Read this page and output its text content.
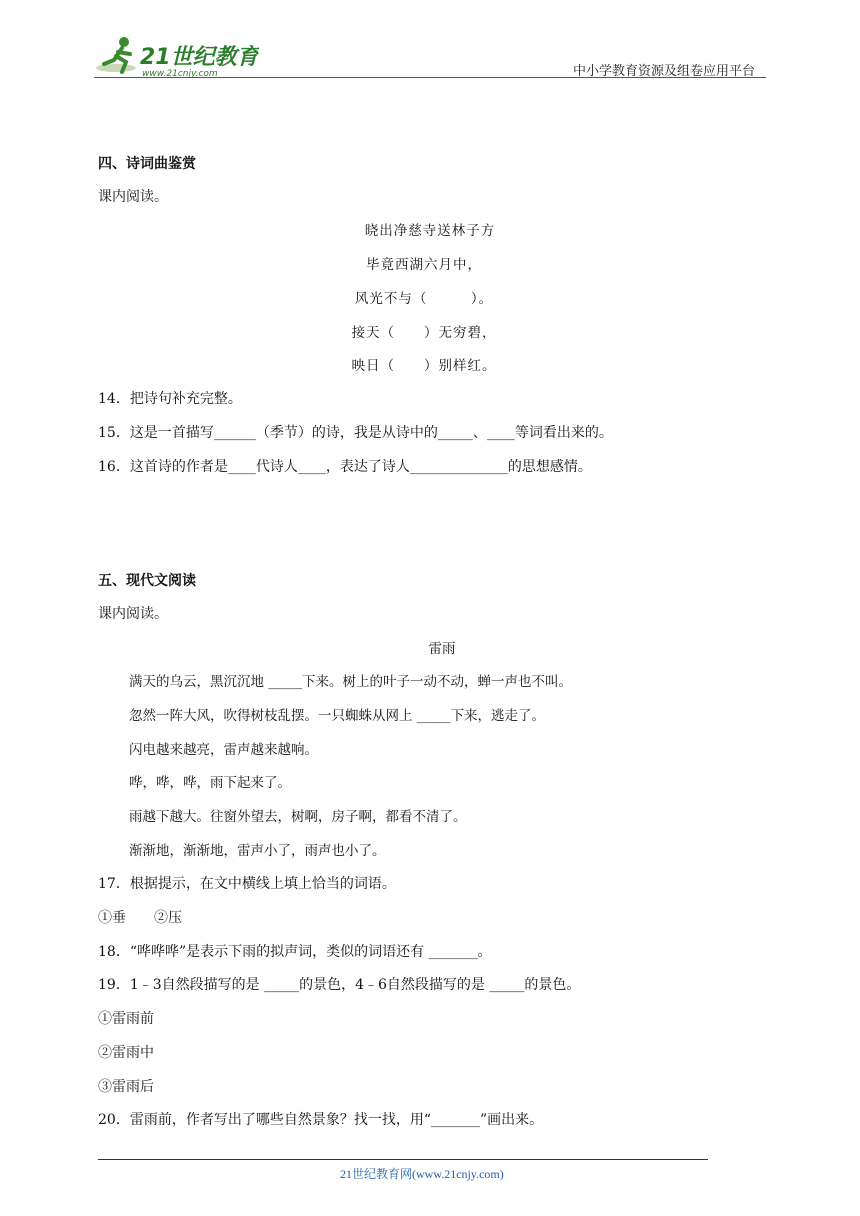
21世纪教育
www.21cnjy.com	中小学教育资源及组卷应用平台
四、诗词曲鉴赏
课内阅读。
晓出净慈寺送林子方
毕竟西湖六月中，
风光不与（　　　）。
接天（　　）无穷碧，
映日（　　）别样红。
14．把诗句补充完整。
15．这是一首描写______（季节）的诗，我是从诗中的_____、____等词看出来的。
16．这首诗的作者是____代诗人____，表达了诗人______________的思想感情。
五、现代文阅读
课内阅读。
雷雨
满天的乌云，黑沉沉地 _____下来。树上的叶子一动不动，蝉一声也不叫。
忽然一阵大风，吹得树枝乱摆。一只蜘蛛从网上 _____下来，逃走了。
闪电越来越亮，雷声越来越响。
哗，哗，哗，雨下起来了。
雨越下越大。往窗外望去，树啊，房子啊，都看不清了。
渐渐地，渐渐地，雷声小了，雨声也小了。
17．根据提示，在文中横线上填上恰当的词语。
①垂　　②压
18．“哗哗哗”是表示下雨的拟声词，类似的词语还有 _______。
19．1﹣3自然段描写的是 _____的景色，4﹣6自然段描写的是 _____的景色。
①雷雨前
②雷雨中
③雷雨后
20．雷雨前，作者写出了哪些自然景象？找一找，用“_______”画出来。
21世纪教育网(www.21cnjy.com)
